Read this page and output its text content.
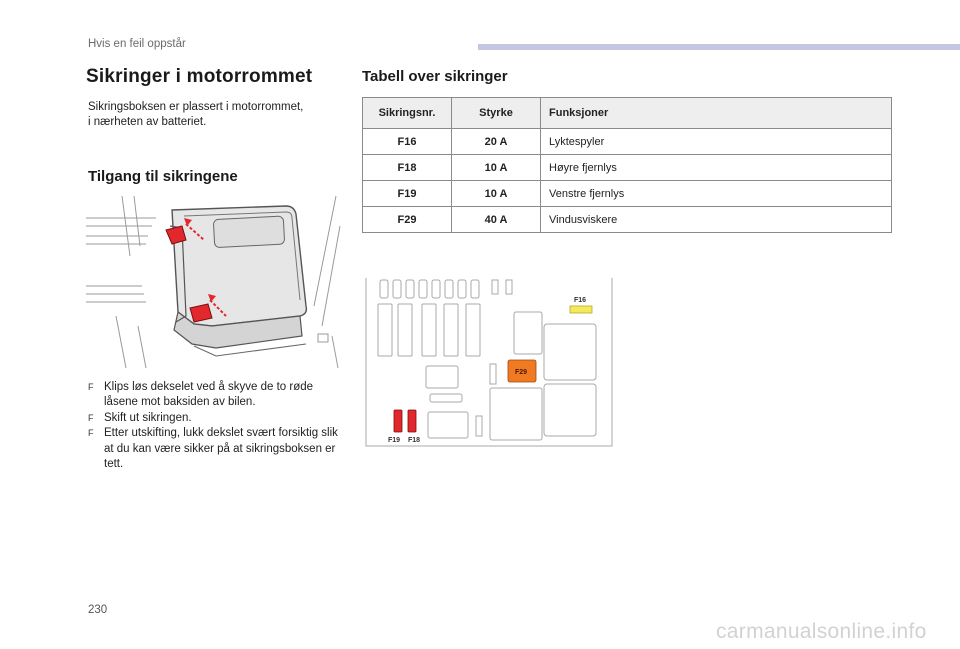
Hvis en feil oppstår
Sikringer i motorrommet
Sikringsboksen er plassert i motorrommet,
i nærheten av batteriet.
Tilgang til sikringene
F Klips løs dekselet ved å skyve de to røde låsene mot baksiden av bilen.
F Skift ut sikringen.
F Etter utskifting, lukk dekslet svært forsiktig slik at du kan være sikker på at sikringsboksen er tett.
Tabell over sikringer
Sikringsnr.	Styrke	Funksjoner
F16	20 A	Lyktespyler
F18	10 A	Høyre fjernlys
F19	10 A	Venstre fjernlys
F29	40 A	Vindusviskere
F16
F29
F19 F18
230
carmanualsonline.info
